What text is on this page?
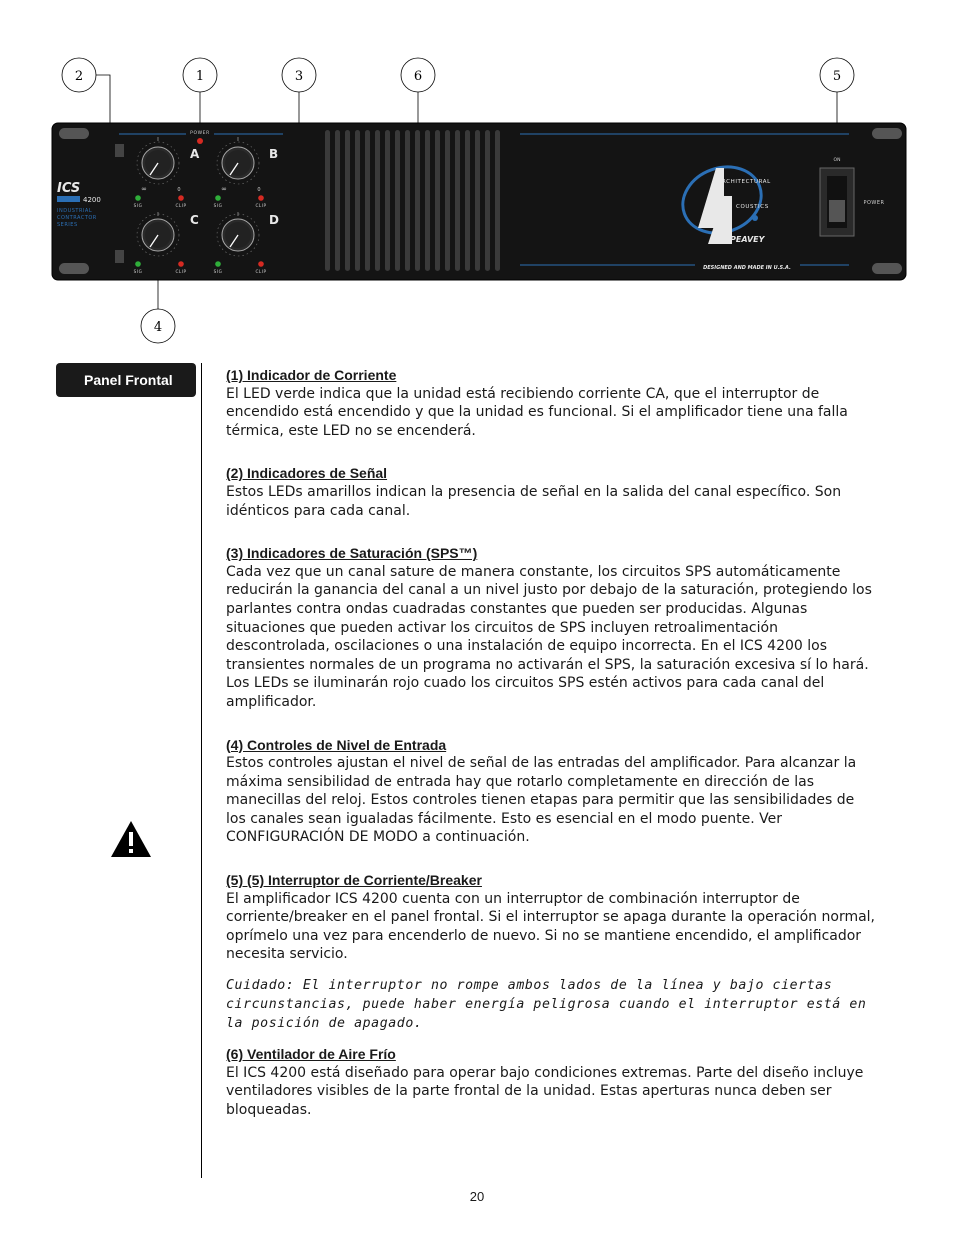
2	1	3	6	5
4
POWER
I	I
∞	0	∞	0
I	I
A	B
C	D
SIG	CLIP	SIG	CLIP
SIG	CLIP	SIG	CLIP
ICS
4200
INDUSTRIAL
CONTRACTOR
SERIES
RCHITECTURAL
COUSTICS
BY PEAVEY
DESIGNED AND MADE IN U.S.A.
ON
POWER
Panel Frontal	(1) Indicador de Corriente

El LED verde indica que la unidad está recibiendo corriente CA, que el interruptor de encendido está encendido y que la unidad es funcional. Si el amplificador tiene una falla térmica, este LED no se encenderá.

(2) Indicadores de Señal

Estos LEDs amarillos indican la presencia de señal en la salida del canal específico. Son idénticos para cada canal.

(3) Indicadores de Saturación (SPS™)

Cada vez que un canal sature de manera constante, los circuitos SPS automáticamente reducirán la ganancia del canal a un nivel justo por debajo de la saturación, protegiendo los parlantes contra ondas cuadradas constantes que pueden ser producidas. Algunas situaciones que pueden activar los circuitos de SPS incluyen retroalimentación descontrolada, oscilaciones o una instalación de equipo incorrecta. En el ICS 4200 los transientes normales de un programa no activarán el SPS, la saturación excesiva sí lo hará. Los LEDs se iluminarán rojo cuado los circuitos SPS estén activos para cada canal del amplificador.

(4) Controles de Nivel de Entrada

Estos controles ajustan el nivel de señal de las entradas del amplificador. Para alcanzar la máxima sensibilidad de entrada hay que rotarlo completamente en dirección de las manecillas del reloj. Estos controles tienen etapas para permitir que las sensibilidades de los canales sean igualadas fácilmente. Esto es esencial en el modo puente. Ver CONFIGURACIÓN DE MODO a continuación.

(5) (5) Interruptor de Corriente/Breaker

El amplificador ICS 4200 cuenta con un interruptor de combinación interruptor de corriente/breaker en el panel frontal. Si el interruptor se apaga durante la operación normal, oprímelo una vez para encenderlo de nuevo. Si no se mantiene encendido, el amplificador necesita servicio.

Cuidado: El interruptor no rompe ambos lados de la línea y bajo ciertas circunstancias, puede haber energía peligrosa cuando el interruptor está en la posición de apagado.

(6) Ventilador de Aire Frío

El ICS 4200 está diseñado para operar bajo condiciones extremas. Parte del diseño incluye ventiladores visibles de la parte frontal de la unidad. Estas aperturas nunca deben ser bloqueadas.

20
